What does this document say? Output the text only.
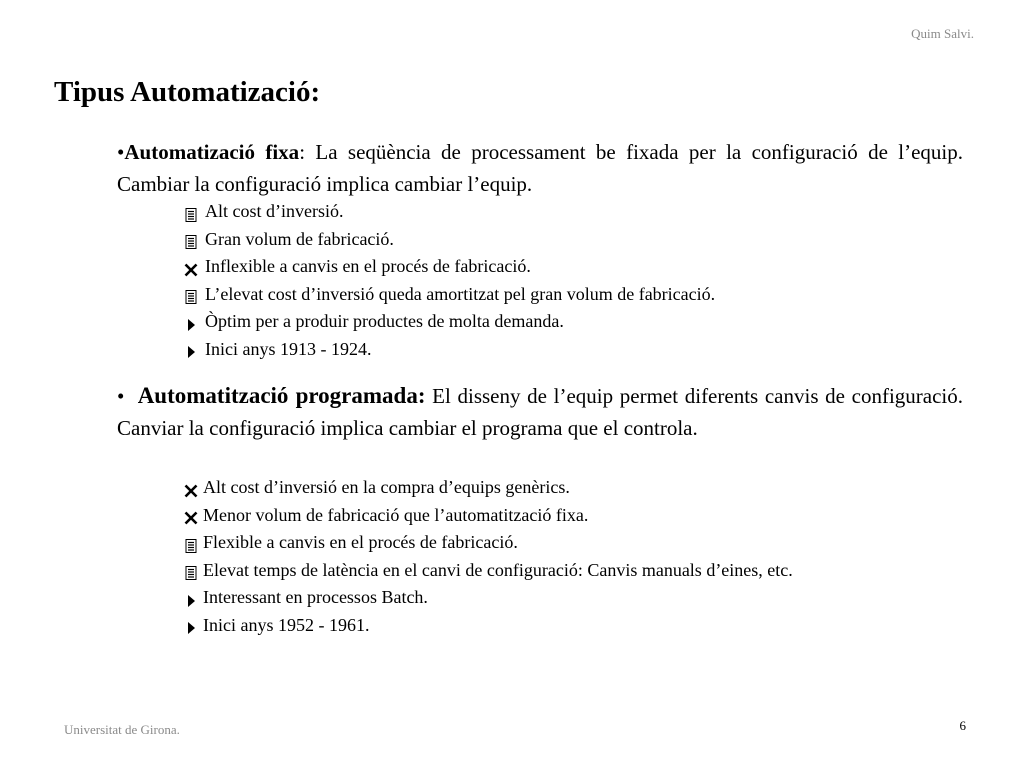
Quim Salvi.
Tipus Automatizació:

•Automatizació fixa: La seqüència de processament be fixada per la configuració de l’equip. Cambiar la configuració implica cambiar l’equip.

Alt cost d’inversió.
Gran volum de fabricació.
Inflexible a canvis en el procés de fabricació.
L’elevat cost d’inversió queda amortitzat pel gran volum de fabricació.
Òptim per a produir productes de molta demanda.
Inici anys 1913 - 1924.

• Automatització programada: El disseny de l’equip permet diferents canvis de configuració. Canviar la configuració implica cambiar el programa que el controla.

Alt cost d’inversió en la compra d’equips genèrics.
Menor volum de fabricació que l’automatització fixa.
Flexible a canvis en el procés de fabricació.
Elevat temps de latència en el canvi de configuració: Canvis manuals d’eines, etc.
Interessant en processos Batch.
Inici anys 1952 - 1961.
Universitat de Girona.	6
